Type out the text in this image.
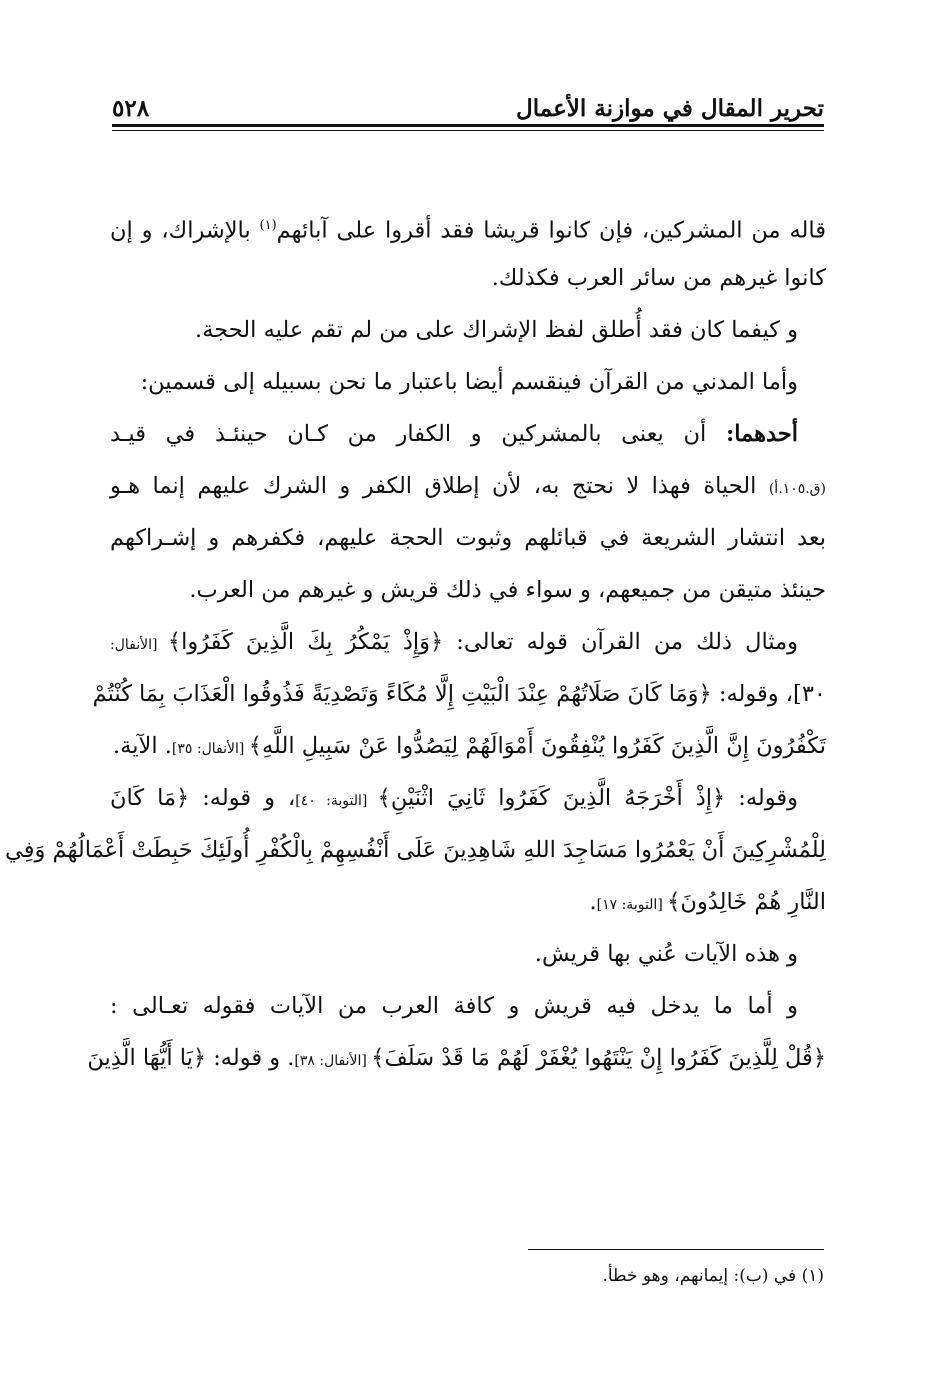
تحرير المقال في موازنة الأعمال
٥٢٨
قاله من المشركين، فإن كانوا قريشا فقد أقروا على آبائهم$^{(١)}$ بالإشراك، و إن
كانوا غيرهم من سائر العرب فكذلك.
و كيفما كان فقد أُطلق لفظ الإشراك على من لم تقم عليه الحجة.
وأما المدني من القرآن فينقسم أيضا باعتبار ما نحن بسبيله إلى قسمين:
أحدهما: أن يعنى بالمشركين و الكفار من كـان حينئـذ في قيـد
(ق.١٠٥.أ) الحياة فهذا لا نحتج به، لأن إطلاق الكفر و الشرك عليهم إنما هـو
بعد انتشار الشريعة في قبائلهم وثبوت الحجة عليهم، فكفرهم و إشـراكهم
حينئذ متيقن من جميعهم، و سواء في ذلك قريش و غيرهم من العرب.
ومثال ذلك من القرآن قوله تعالى: ﴿وَإِذْ يَمْكُرُ بِكَ الَّذِينَ كَفَرُوا﴾ [الأنفال:
٣٠]، وقوله: ﴿وَمَا كَانَ صَلَاتُهُمْ عِنْدَ الْبَيْتِ إِلَّا مُكَاءً وَتَصْدِيَةً فَذُوقُوا الْعَذَابَ بِمَا كُنْتُمْ
تَكْفُرُونَ إِنَّ الَّذِينَ كَفَرُوا يُنْفِقُونَ أَمْوَالَهُمْ لِيَصُدُّوا عَنْ سَبِيلِ اللَّهِ﴾ [الأنفال: ٣٥]. الآية.
وقوله: ﴿إِذْ أَخْرَجَهُ الَّذِينَ كَفَرُوا ثَانِيَ اثْنَيْنِ﴾ [التوبة: ٤٠]، و قوله: ﴿مَا كَانَ
لِلْمُشْرِكِينَ أَنْ يَعْمُرُوا مَسَاجِدَ اللهِ شَاهِدِينَ عَلَى أَنْفُسِهِمْ بِالْكُفْرِ أُولَئِكَ حَبِطَتْ أَعْمَالُهُمْ وَفِي
النَّارِ هُمْ خَالِدُونَ﴾ [التوبة: ١٧].
و هذه الآيات عُني بها قريش.
و أما ما يدخل فيه قريش و كافة العرب من الآيات فقوله تعـالى :
﴿قُلْ لِلَّذِينَ كَفَرُوا إِنْ يَنْتَهُوا يُغْفَرْ لَهُمْ مَا قَدْ سَلَفَ﴾ [الأنفال: ٣٨]. و قوله: ﴿يَا أَيُّهَا الَّذِينَ
(١) في (ب): إيمانهم، وهو خطأ.
